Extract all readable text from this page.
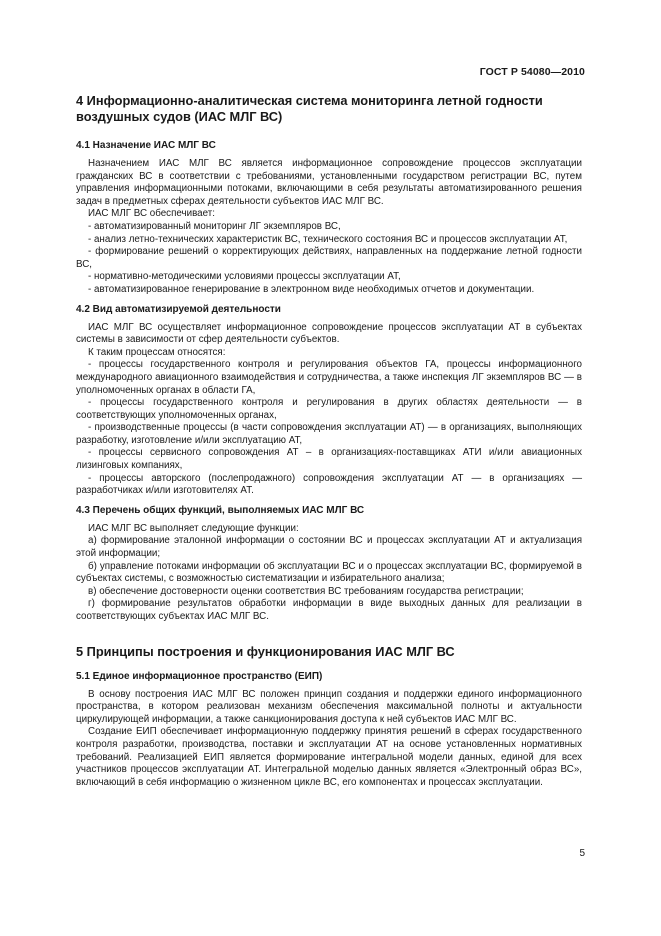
ГОСТ Р 54080—2010
4 Информационно-аналитическая система мониторинга летной годности воздушных судов (ИАС МЛГ ВС)
4.1 Назначение ИАС МЛГ ВС

Назначением ИАС МЛГ ВС является информационное сопровождение процессов эксплуатации гражданских ВС в соответствии с требованиями, установленными государством регистрации ВС, путем управления информационными потоками, включающими в себя результаты автоматизированного решения задач в предметных сферах деятельности субъектов ИАС МЛГ ВС.

ИАС МЛГ ВС обеспечивает:

- автоматизированный мониторинг ЛГ экземпляров ВС,

- анализ летно-технических характеристик ВС, технического состояния ВС и процессов эксплуатации АТ,

- формирование решений о корректирующих действиях, направленных на поддержание летной годности ВС,

- нормативно-методическими условиями процессы эксплуатации АТ,

- автоматизированное генерирование в электронном виде необходимых отчетов и документации.

4.2 Вид автоматизируемой деятельности

ИАС МЛГ ВС осуществляет информационное сопровождение процессов эксплуатации АТ в субъектах системы в зависимости от сфер деятельности субъектов.

К таким процессам относятся:

- процессы государственного контроля и регулирования объектов ГА, процессы информационного международного авиационного взаимодействия и сотрудничества, а также инспекция ЛГ экземпляров ВС — в уполномоченных органах в области ГА,

- процессы государственного контроля и регулирования в других областях деятельности — в соответствующих уполномоченных органах,

- производственные процессы (в части сопровождения эксплуатации АТ) — в организациях, выполняющих разработку, изготовление и/или эксплуатацию АТ,

- процессы сервисного сопровождения АТ – в организациях-поставщиках АТИ и/или авиационных лизинговых компаниях,

- процессы авторского (послепродажного) сопровождения эксплуатации АТ — в организациях — разработчиках и/или изготовителях АТ.

4.3 Перечень общих функций, выполняемых ИАС МЛГ ВС

ИАС МЛГ ВС выполняет следующие функции:

а) формирование эталонной информации о состоянии ВС и процессах эксплуатации АТ и актуализация этой информации;

б) управление потоками информации об эксплуатации ВС и о процессах эксплуатации ВС, формируемой в субъектах системы, с возможностью систематизации и избирательного анализа;

в) обеспечение достоверности оценки соответствия ВС требованиям государства регистрации;

г) формирование результатов обработки информации в виде выходных данных для реализации в соответствующих субъектах ИАС МЛГ ВС.

5 Принципы построения и функционирования ИАС МЛГ ВС
5.1 Единое информационное пространство (ЕИП)

В основу построения ИАС МЛГ ВС положен принцип создания и поддержки единого информационного пространства, в котором реализован механизм обеспечения максимальной полноты и актуальности циркулирующей информации, а также санкционирования доступа к ней субъектов ИАС МЛГ ВС.

Создание ЕИП обеспечивает информационную поддержку принятия решений в сферах государственного контроля разработки, производства, поставки и эксплуатации АТ на основе установленных нормативных требований. Реализацией ЕИП является формирование интегральной модели данных, единой для всех участников процессов эксплуатации АТ. Интегральной моделью данных является «Электронный образ ВС», включающий в себя информацию о жизненном цикле ВС, его компонентах и процессах эксплуатации.

5
